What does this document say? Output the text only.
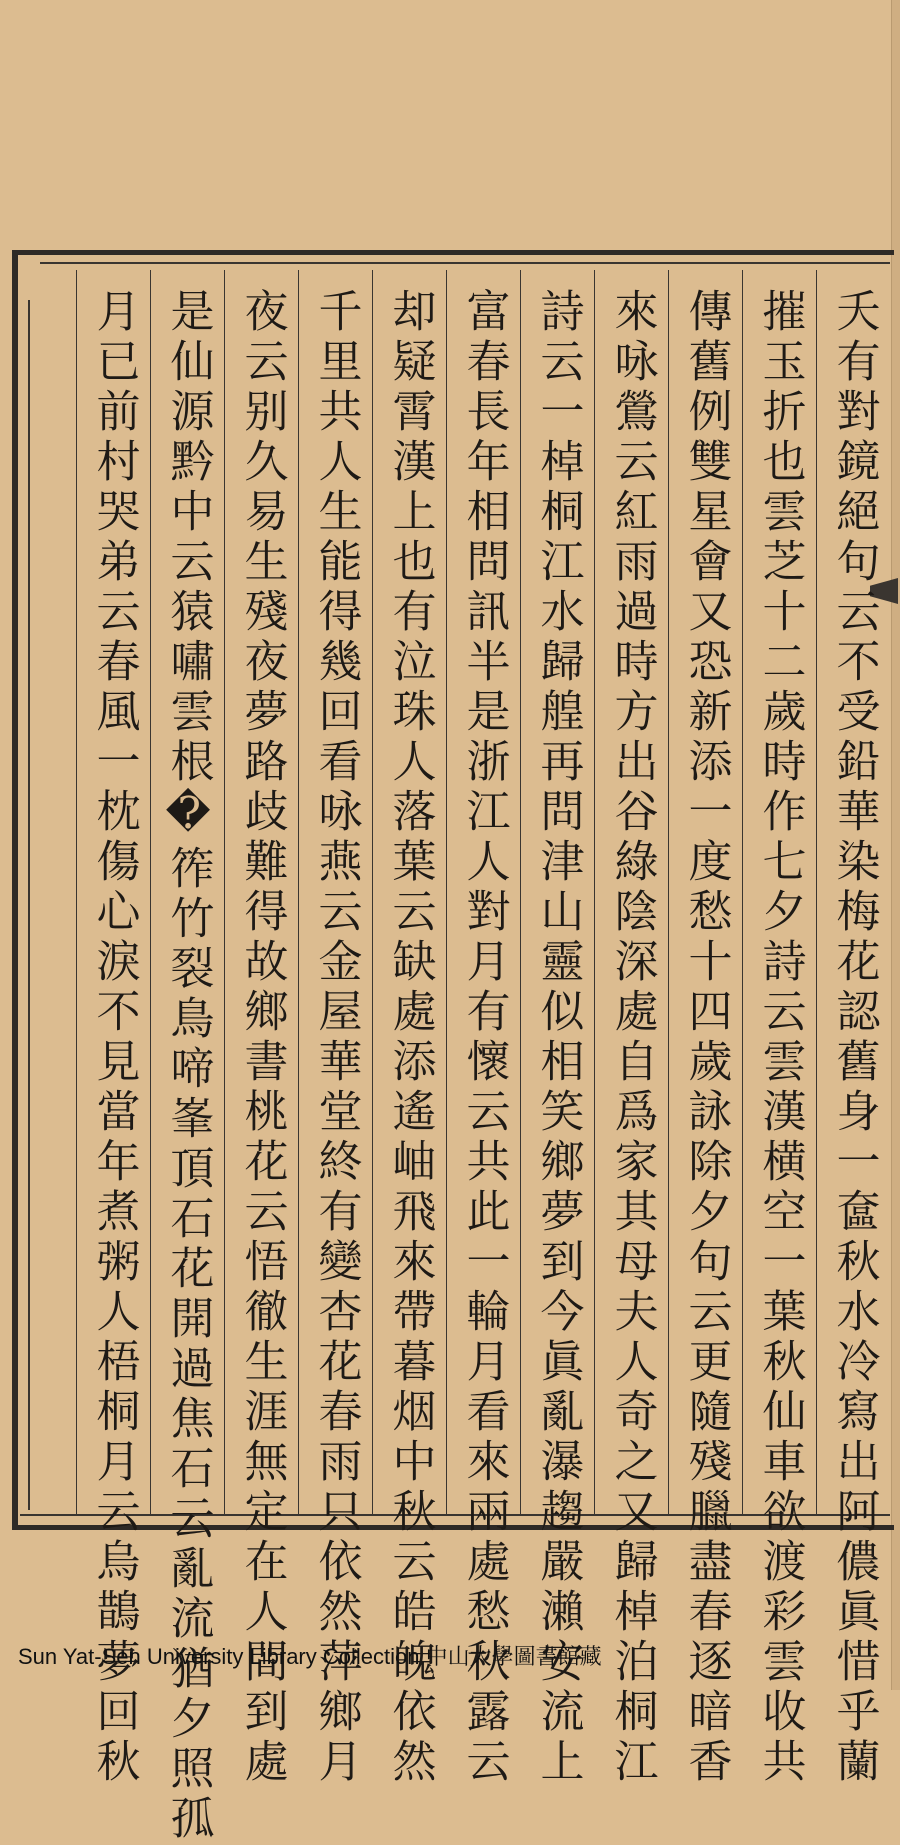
夭有對鏡絕句云不受鉛華染梅花認舊身一奩秋水冷寫出阿儂眞惜乎蘭
摧玉折也雲芝十二歲時作七夕詩云雲漢横空一葉秋仙車欲渡彩雲收共
傳舊例雙星會又恐新添一度愁十四歲詠除夕句云更隨殘臘盡春逐暗香
來咏鶯云紅雨過時方出谷綠陰深處自爲家其母夫人奇之又歸棹泊桐江
詩云一棹桐江水歸艎再問津山靈似相笑鄉夢到今眞亂瀑趨嚴瀨安流上
富春長年相問訊半是浙江人對月有懷云共此一輪月看來兩處愁秋露云
却疑霄漢上也有泣珠人落葉云缺處添遙岫飛來帶暮烟中秋云皓魄依然
千里共人生能得幾回看咏燕云金屋華堂終有變杏花春雨只依然萍鄉月
夜云别久易生殘夜夢路歧難得故鄉書桃花云悟徹生涯無定在人間到處
是仙源黔中云猿嘯雲根�筰竹裂鳥啼峯頂石花開過焦石云亂流猶夕照孤
月已前村哭弟云春風一枕傷心淚不見當年煮粥人梧桐月云烏鵲夢回秋
Sun Yat-Sen University Library Collection 中山大學圖書館藏
